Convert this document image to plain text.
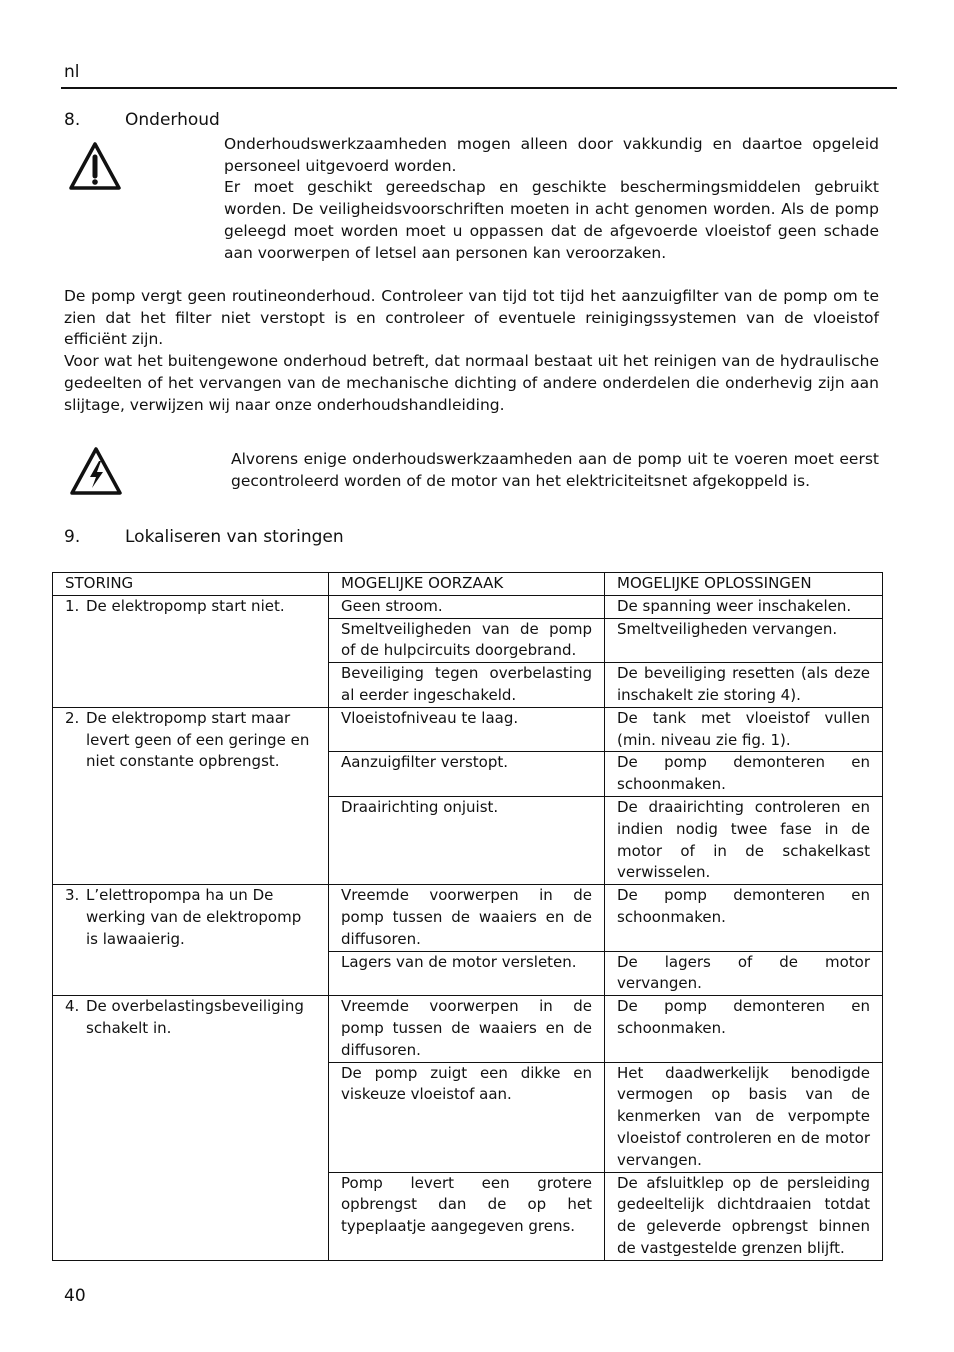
nl
8.	Onderhoud

Onderhoudswerkzaamheden mogen alleen door vakkundig en daartoe opgeleid personeel uitgevoerd worden.

Er moet geschikt gereedschap en geschikte beschermingsmiddelen gebruikt worden. De veiligheidsvoorschriften moeten in acht genomen worden. Als de pomp geleegd moet worden moet u oppassen dat de afgevoerde vloeistof geen schade aan voorwerpen of letsel aan personen kan veroorzaken.

De pomp vergt geen routineonderhoud. Controleer van tijd tot tijd het aanzuigfilter van de pomp om te zien dat het filter niet verstopt is en controleer of eventuele reinigingssystemen van de vloeistof efficiënt zijn.

Voor wat het buitengewone onderhoud betreft, dat normaal bestaat uit het reinigen van de hydraulische gedeelten of het vervangen van de mechanische dichting of andere onderdelen die onderhevig zijn aan slijtage, verwijzen wij naar onze onderhoudshandleiding.

Alvorens enige onderhoudswerkzaamheden aan de pomp uit te voeren moet eerst gecontroleerd worden of de motor van het elektriciteitsnet afgekoppeld is.

9.	Lokaliseren van storingen
STORING	MOGELIJKE OORZAAK	MOGELIJKE OPLOSSINGEN

1. De elektropomp start niet.	Geen stroom.	De spanning weer inschakelen.
	Smeltveiligheden van de pomp of de hulpcircuits doorgebrand.	Smeltveiligheden vervangen.
	Beveiliging tegen overbelasting al eerder ingeschakeld.	De beveiliging resetten (als deze inschakelt zie storing 4).

2. De elektropomp start maar levert geen of een geringe en niet constante opbrengst.	Vloeistofniveau te laag.	De tank met vloeistof vullen (min. niveau zie fig. 1).
	Aanzuigfilter verstopt.	De pomp demonteren en schoonmaken.
	Draairichting onjuist.	De draairichting controleren en indien nodig twee fase in de motor of in de schakelkast verwisselen.

3. L’elettropompa ha un De werking van de elektropomp is lawaaierig.	Vreemde voorwerpen in de pomp tussen de waaiers en de diffusoren.	De pomp demonteren en schoonmaken.
	Lagers van de motor versleten.	De lagers of de motor vervangen.

4. De overbelastingsbeveiliging schakelt in.	Vreemde voorwerpen in de pomp tussen de waaiers en de diffusoren.	De pomp demonteren en schoonmaken.
	De pomp zuigt een dikke en viskeuze vloeistof aan.	Het daadwerkelijk benodigde vermogen op basis van de kenmerken van de verpompte vloeistof controleren en de motor vervangen.
	Pomp levert een grotere opbrengst dan de op het typeplaatje aangegeven grens.	De afsluitklep op de persleiding gedeeltelijk dichtdraaien totdat de geleverde opbrengst binnen de vastgestelde grenzen blijft.
40
